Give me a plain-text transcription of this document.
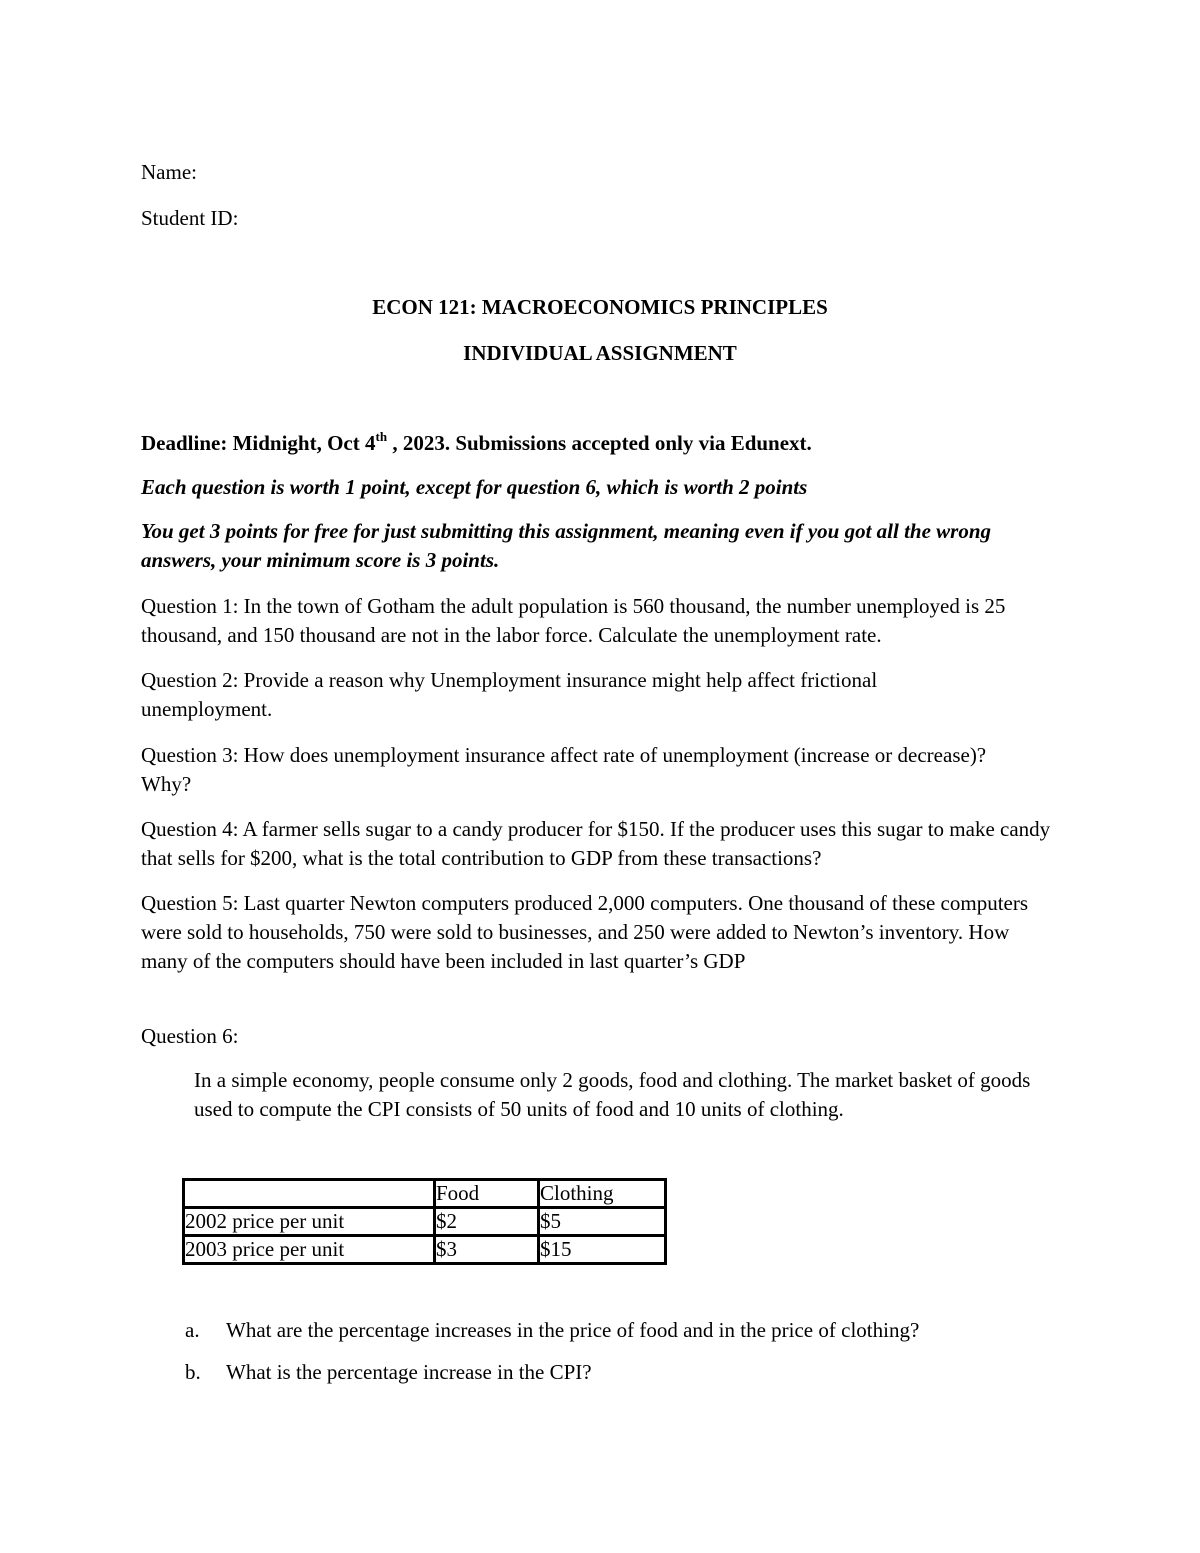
Name:

Student ID:

ECON 121: MACROECONOMICS PRINCIPLES

INDIVIDUAL ASSIGNMENT

Deadline: Midnight, Oct 4th , 2023. Submissions accepted only via Edunext.

Each question is worth 1 point, except for question 6, which is worth 2 points

You get 3 points for free for just submitting this assignment, meaning even if you got all the wrong answers, your minimum score is 3 points.

Question 1: In the town of Gotham the adult population is 560 thousand, the number unemployed is 25 thousand, and 150 thousand are not in the labor force. Calculate the unemployment rate.

Question 2: Provide a reason why Unemployment insurance might help affect frictional unemployment.

Question 3: How does unemployment insurance affect rate of unemployment (increase or decrease)? Why?

Question 4: A farmer sells sugar to a candy producer for $150. If the producer uses this sugar to make candy that sells for $200, what is the total contribution to GDP from these transactions?

Question 5: Last quarter Newton computers produced 2,000 computers. One thousand of these computers were sold to households, 750 were sold to businesses, and 250 were added to Newton’s inventory. How many of the computers should have been included in last quarter’s GDP

Question 6:

In a simple economy, people consume only 2 goods, food and clothing. The market basket of goods used to compute the CPI consists of 50 units of food and 10 units of clothing.

	Food	Clothing
2002 price per unit	$2	$5
2003 price per unit	$3	$15

a. What are the percentage increases in the price of food and in the price of clothing?

b. What is the percentage increase in the CPI?
